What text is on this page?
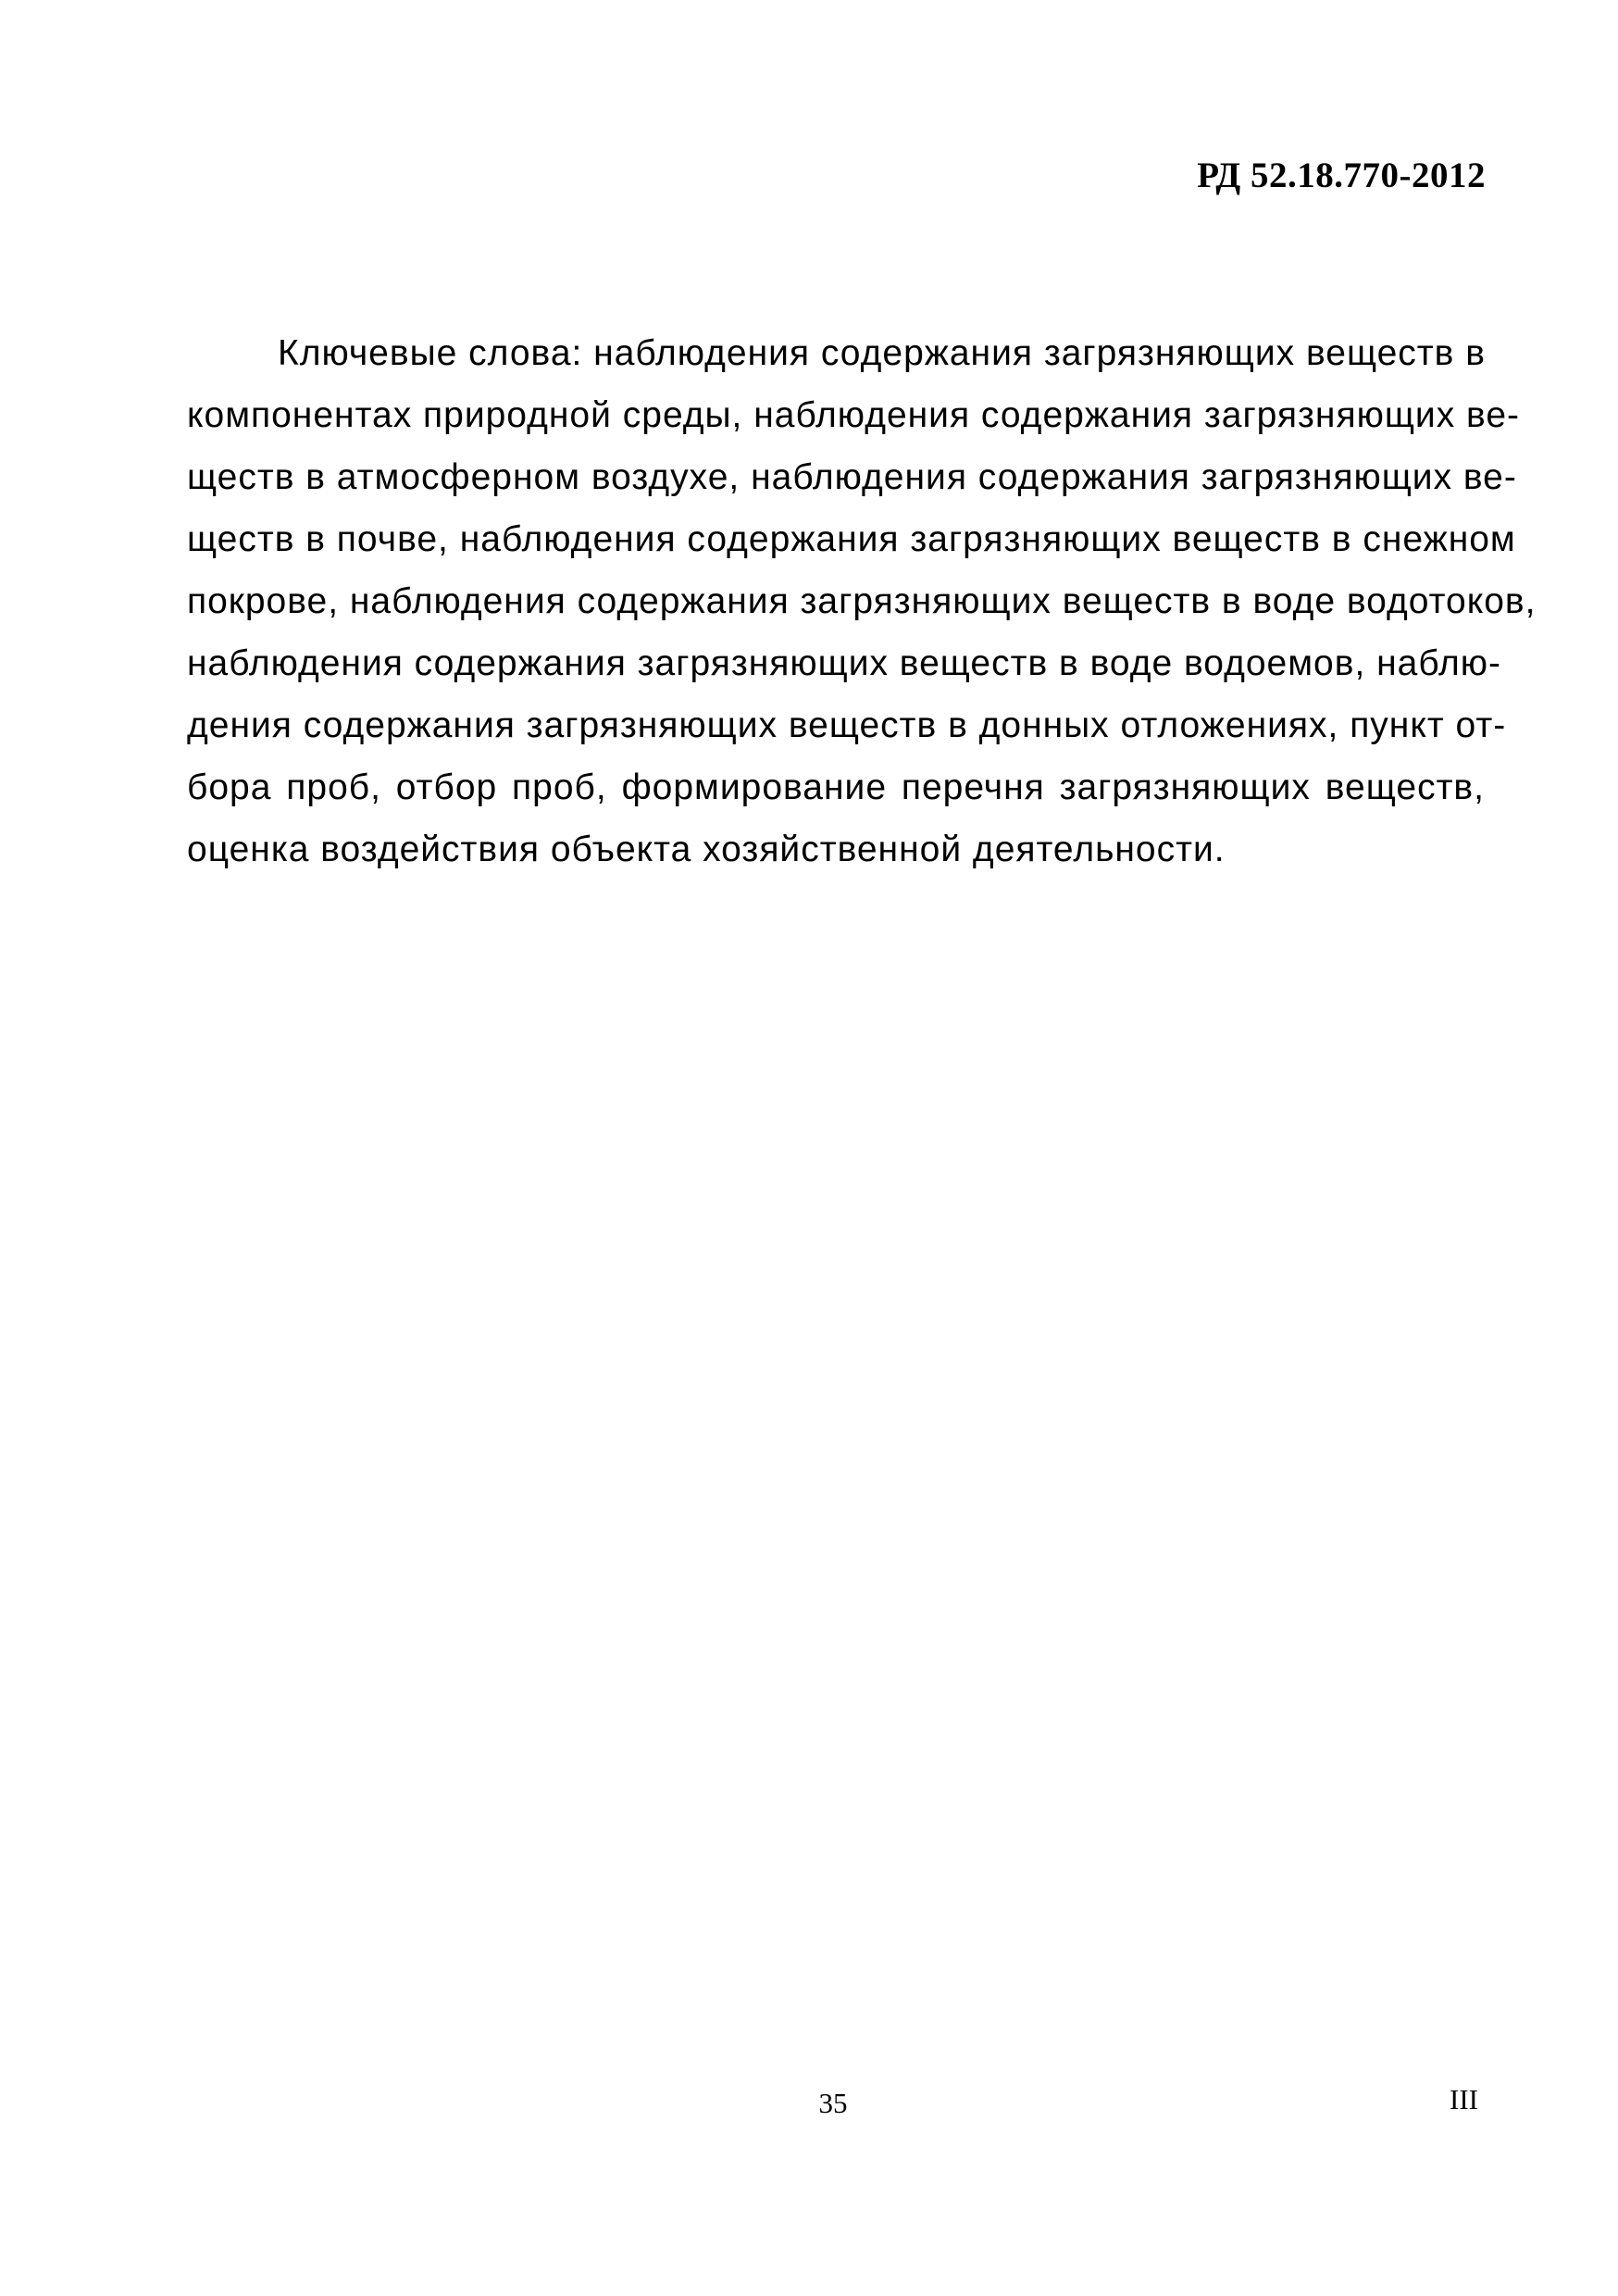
РД 52.18.770-2012
Ключевые слова: наблюдения содержания загрязняющих веществ в
компонентах природной среды, наблюдения содержания загрязняющих ве-
ществ в атмосферном воздухе, наблюдения содержания загрязняющих ве-
ществ в почве, наблюдения содержания загрязняющих веществ в снежном
покрове, наблюдения содержания загрязняющих веществ в воде водотоков,
наблюдения содержания загрязняющих веществ в воде водоемов, наблю-
дения содержания загрязняющих веществ в донных отложениях, пункт от-
бора проб, отбор проб, формирование перечня загрязняющих веществ,
оценка воздействия объекта хозяйственной деятельности.
35	III
